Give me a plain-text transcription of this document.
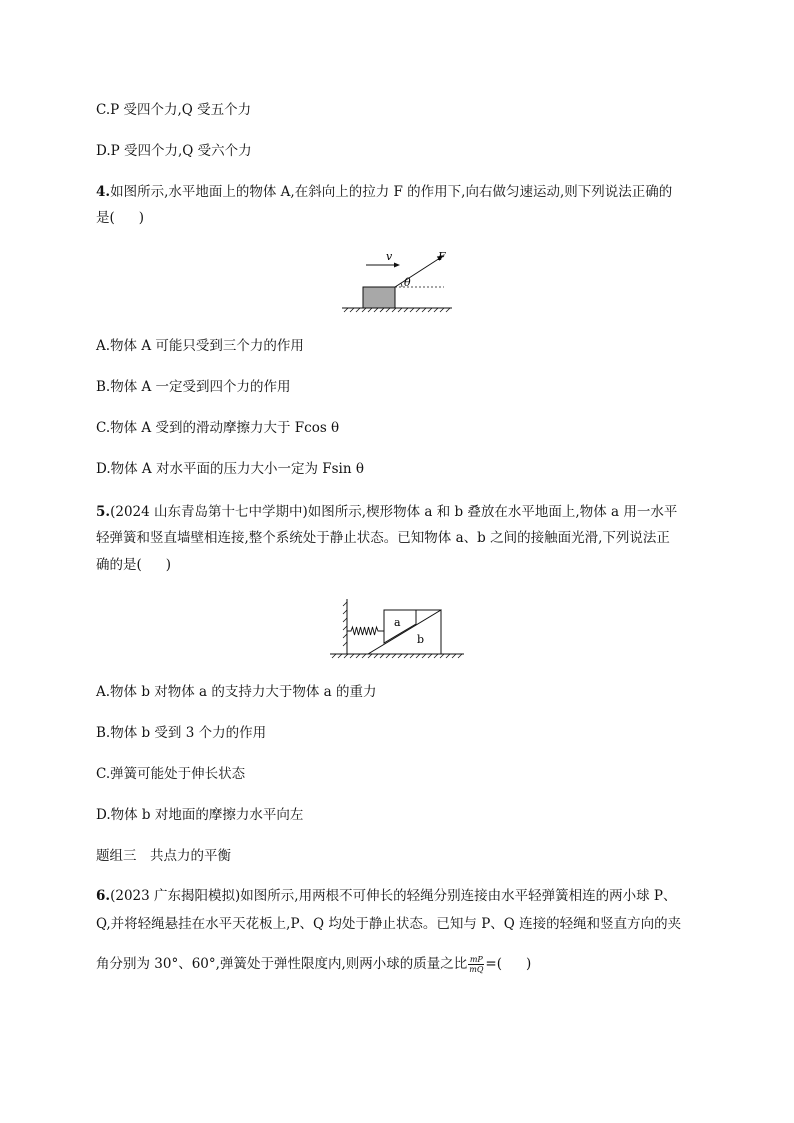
C.P 受四个力,Q 受五个力
D.P 受四个力,Q 受六个力
4.如图所示,水平地面上的物体 A,在斜向上的拉力 F 的作用下,向右做匀速运动,则下列说法正确的
是( )
v	F
θ
A.物体 A 可能只受到三个力的作用
B.物体 A 一定受到四个力的作用
C.物体 A 受到的滑动摩擦力大于 Fcos θ
D.物体 A 对水平面的压力大小一定为 Fsin θ
5.(2024 山东青岛第十七中学期中)如图所示,楔形物体 a 和 b 叠放在水平地面上,物体 a 用一水平
轻弹簧和竖直墙壁相连接,整个系统处于静止状态。已知物体 a、b 之间的接触面光滑,下列说法正
确的是( )
a
b
A.物体 b 对物体 a 的支持力大于物体 a 的重力
B.物体 b 受到 3 个力的作用
C.弹簧可能处于伸长状态
D.物体 b 对地面的摩擦力水平向左
题组三　共点力的平衡
6.(2023 广东揭阳模拟)如图所示,用两根不可伸长的轻绳分别连接由水平轻弹簧相连的两小球 P、
Q,并将轻绳悬挂在水平天花板上,P、Q 均处于静止状态。已知与 P、Q 连接的轻绳和竖直方向的夹
角分别为 30°、60°,弹簧处于弹性限度内,则两小球的质量之比 $\frac{mP}{mQ}$ =( )
